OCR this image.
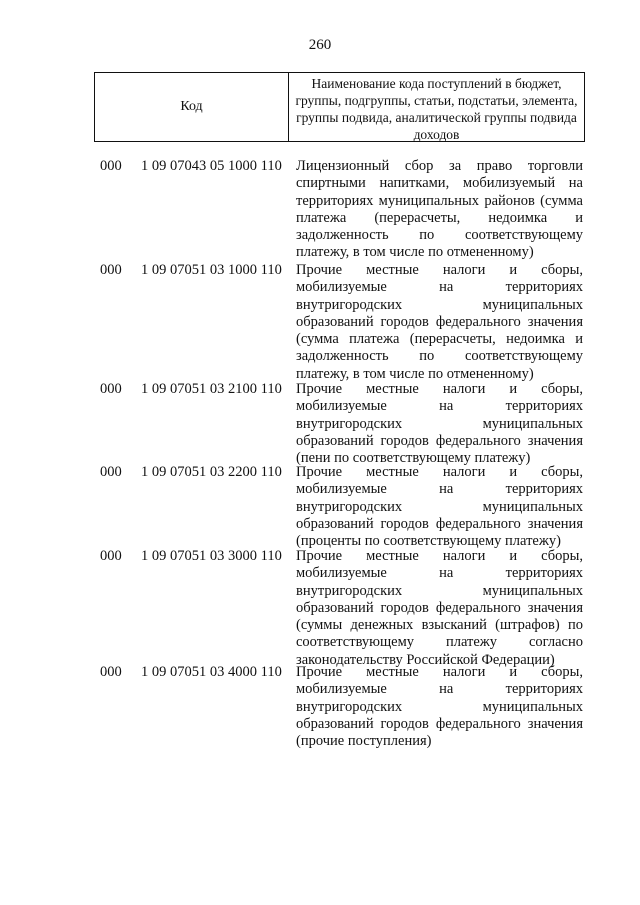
260
Код
Наименование кода поступлений в бюджет, группы, подгруппы, статьи, подстатьи, элемента, группы подвида, аналитической группы подвида доходов
000	1 09 07043 05 1000 110 Лицензионный сбор за право торговли спиртными напитками, мобилизуемый на территориях муниципальных районов (сумма платежа (перерасчеты, недоимка и задолженность по соответствующему платежу, в том числе по отмененному)
000	1 09 07051 03 1000 110 Прочие местные налоги и сборы, мобилизуемые на территориях внутригородских муниципальных образований городов федерального значения (сумма платежа (перерасчеты, недоимка и задолженность по соответствующему платежу, в том числе по отмененному)
000	1 09 07051 03 2100 110 Прочие местные налоги и сборы, мобилизуемые на территориях внутригородских муниципальных образований городов федерального значения (пени по соответствующему платежу)
000	1 09 07051 03 2200 110 Прочие местные налоги и сборы, мобилизуемые на территориях внутригородских муниципальных образований городов федерального значения (проценты по соответствующему платежу)
000	1 09 07051 03 3000 110 Прочие местные налоги и сборы, мобилизуемые на территориях внутригородских муниципальных образований городов федерального значения (суммы денежных взысканий (штрафов) по соответствующему платежу согласно законодательству Российской Федерации)
000	1 09 07051 03 4000 110 Прочие местные налоги и сборы, мобилизуемые на территориях внутригородских муниципальных образований городов федерального значения (прочие поступления)
